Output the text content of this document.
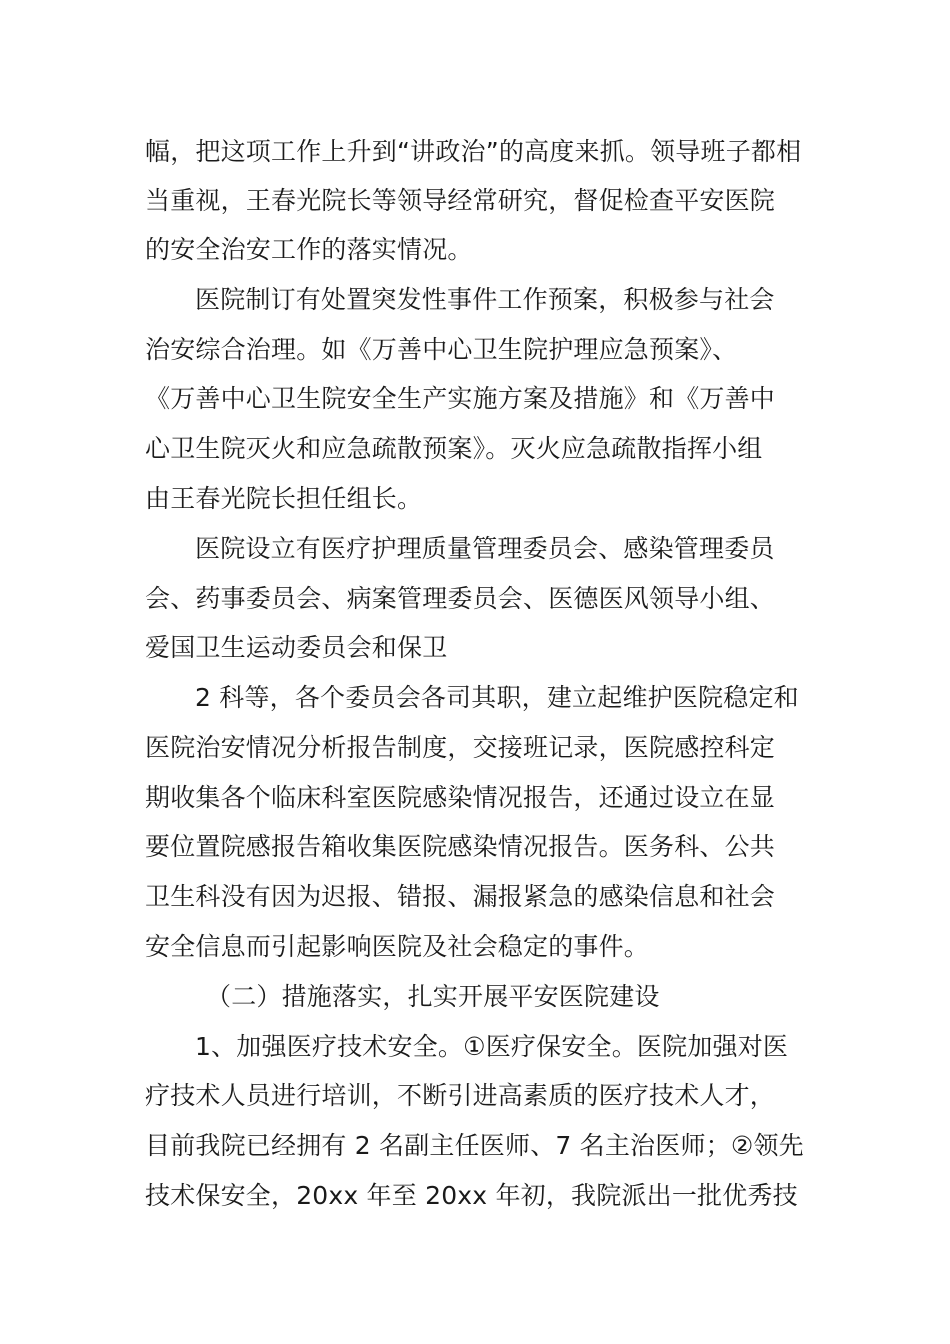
幅，把这项工作上升到“讲政治”的高度来抓。领导班子都相
当重视，王春光院长等领导经常研究，督促检查平安医院
的安全治安工作的落实情况。
医院制订有处置突发性事件工作预案，积极参与社会
治安综合治理。如《万善中心卫生院护理应急预案》、
《万善中心卫生院安全生产实施方案及措施》和《万善中
心卫生院灭火和应急疏散预案》。灭火应急疏散指挥小组
由王春光院长担任组长。
医院设立有医疗护理质量管理委员会、感染管理委员
会、药事委员会、病案管理委员会、医德医风领导小组、
爱国卫生运动委员会和保卫
2 科等，各个委员会各司其职，建立起维护医院稳定和
医院治安情况分析报告制度，交接班记录，医院感控科定
期收集各个临床科室医院感染情况报告，还通过设立在显
要位置院感报告箱收集医院感染情况报告。医务科、公共
卫生科没有因为迟报、错报、漏报紧急的感染信息和社会
安全信息而引起影响医院及社会稳定的事件。
（二）措施落实，扎实开展平安医院建设
1、加强医疗技术安全。①医疗保安全。医院加强对医
疗技术人员进行培训，不断引进高素质的医疗技术人才，
目前我院已经拥有 2 名副主任医师、7 名主治医师；②领先
技术保安全，20xx 年至 20xx 年初，我院派出一批优秀技
